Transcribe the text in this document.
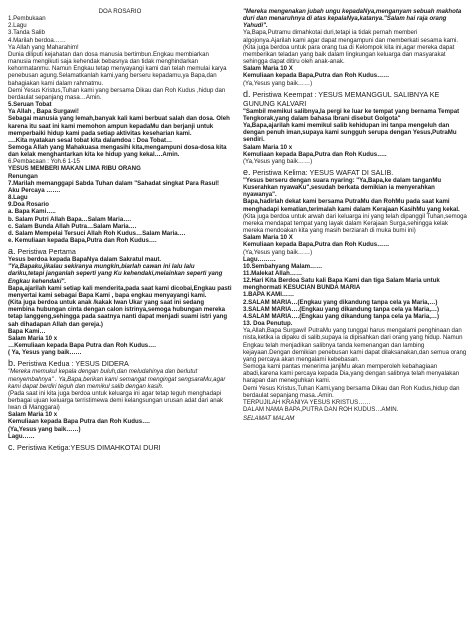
DOA ROSARIO
1.Pembukaan
2.Lagu
3.Tanda Salib
4.Marilah berdoa……
Ya Allah yang Maharahim!
Dunia diliputi kejahatan dan dosa manusia bertimbun.Engkau membiarkan manusia mengikuti saja kehendak bebasnya dan tidak menghindarkan kehormatanmu. Namun Engkau tetap menyayangi kami dan telah memulai karya penebusan agung.Selamatkanlah kami,yang berseru kepadamu,ya Bapa,dan bahagiakan kami dalam rahmatmu.
Demi Yesus Kristus,Tuhan kami yang bersama Dikau dan Roh Kudus ,hidup dan berdaulat sepanjang masa…Amin.
5.Seruan Tobat
Ya Allah , Bapa Surgawi!
Sebagai manusia yang lemah,banyak kali kami berbuat salah dan dosa. Oleh karena itu saat ini kami memohon ampun kepadaMu dan berjanji untuk memperbaiki hidup kami pada setiap aktivitas keseharian kami.
….Kita nyatakan sesal tobat kita dalamdoa : Doa Tobat…
Semoga Allah yang Mahakuasa mengasihi kita,mengampuni dosa-dosa kita dan kelak menghantarkan kita ke hidup yang kekal….Amin.
6.Pembacaan : Yoh.6 1-15
YESUS MEMBERI MAKAN LIMA RIBU ORANG
Renungan
7.Marilah memanggapi Sabda Tuhan dalam "Sahadat singkat Para Rasul!
Aku Percaya …….
8.Lagu
9.Doa Rosario
a. Bapa Kami…..
b. Salam Putri Allah Bapa…Salam Maria….
c. Salam Bunda Allah Putra…Salam Maria….
d. Salam Mempelai Tersuci Allah Roh Kudus…Salam Maria….
e. Kemuliaan kepada Bapa,Putra dan Roh Kudus….
a. Peristiwa Pertama
Yesus berdoa kepada BapaNya dalam Sakratul maut.
"Ya,Bapaku,jikalau sekiranya mungkin,biarlah cawan ini lalu lalu dariku,tetapi janganlah seperti yang Ku kehendaki,melainkan seperti yang Engkau kehendaki".
Bapa,ajarilah kami setiap kali menderita,pada saat kami dicobai,Engkau pasti menyertai kami sebagai Bapa Kami , bapa engkau menyayangi kami.
(Kita juga berdoa untuk anak /kakak Iwan Ukar yang saat ini sedang membina hubungan cinta dengan calon istrinya,semoga hubungan mereka tetap langgeng,sehingga pada saatnya nanti dapat menjadi suami istri yang sah dihadapan Allah dan gereja.)
Bapa Kami…
Salam Maria 10 x
…Kemuliaan kepada Bapa Putra dan Roh Kudus….
( Ya, Yesus yang baik……
b. Peristiwa Kedua : YESUS DIDERA
"Mereka memukul kepala dengan buluh,dan meludahinya dan berlutut menyembahnya" . Ya,Bapa,berikan kami semangat mengingat sengsaraMu,agar kami dapat berdiri teguh dan memikul salib dengan kasih.
(Pada saat ini kita juga berdoa untuk keluarga ini agar tetap teguh menghadapi berbagai ujuan keluarga terristimewa demi kelangsungan urusan adat dari anak Iwan di Manggarai)
Salam Maria 10 x
Kemuliaan kepada Bapa Putra dan Roh Kudus….
(Ya,Yesus yang baik……)
Lagu……
c. Peristiwa Ketiga:YESUS DIMAHKOTAI DURI
"Mereka mengenakan jubah ungu kepadaNya,menganyam sebuah makhota duri dan menaruhnya di atas kepalaNya,katanya."Salam hai raja orang Yahudi".
Ya,Bapa,Putramu dimahkotai duri,tetapi ia tidak pernah memberi algojonya.Ajarilah kami agar dapat mengampuni dan memberkati sesama kami.
(Kita juga berdoa untuk para orang tua di Kelompok kita ini,agar mereka dapat memberikan teladan yang baik dalam lingkungan keluarga dan masyarakat sehingga dapat ditiru oleh anak-anak.
Salam Maria 10 X
Kemuliaan kepada Bapa,Putra dan Roh Kudus……
(Ya,Yesus yang baik……)
d. Peristiwa Keempat : YESUS MEMANGGUL SALIBNYA KE GUNUNG KALVARI
"Sambil memikul salibnya,Ia pergi ke luar ke tempat yang bernama Tempat Tengkorak,yang dalam bahasa Ibrani disebut Golgota"
Ya,Bapa,ajarilah kami memikul salib kehidupan ini tanpa mengeluh dan dengan penuh iman,supaya kami sungguh serupa dengan Yesus,PutraMu sendiri.
Salam Maria 10 x
Kemuliaan kepada Bapa,Putra dan Roh Kudus…..
(Ya,Yesus yang baik……)
e. Peristiwa Kelima: YESUS WAFAT DI SALIB.
"Yesus berseru dengan suara nyaring: "Ya,Bapa,ke dalam tanganMu Kuserahkan nyawaKu",sesudah berkata demikian ia menyerahkan nyawanya".
Bapa,hadirlah dekat kami bersama PutraMu dan RohMu pada saat kami menghadapi kematian,terimalah kami dalam Kerajaan KasihMu yang kekal.
(Kita juga berdoa untuk arwah dari keluarga ini yang telah dipanggil Tuhan,semoga mereka mendapat tempat yang layak dalam Kerajaan Surga,sehingga kelak mereka mendoakan kita yang masih berziarah di muka bumi ini)
Salam Maria 10 X
Kemuliaan kepada Bapa,Putra dan Roh Kudus……
(Ya,Yesus yang baik……)
Lagu………
10.Sembahyang Malam……
11.Malekat Allah……
12.Hari Kita Berdoa Satu kali Bapa Kami dan tiga Salam Maria untuk menghormati KESUCIAN BUNDA MARIA
1.BAPA KAMI……
2.SALAM MARIA…(Engkau yang dikandung tanpa cela ya Maria,…)
3.SALAM MARIA….(Engkau yang dikandung tanpa cela ya Maria,…)
4.SALAM MARIA….(Engkau yang dikandung tanpa cela ya Maria,…)
13. Doa Penutup.
Ya,Allah,Bapa Surgawi! PutraMu yang tunggal harus mengalami penghinaan dan nista,ketika ia dipaku di salib,supaya ia dipisahkan dari orang yang hidup. Namun Engkau telah menjadikan salibnya tanda kemenangan dan lambing kejayaan.Dengan demikian penebusan kami dapat dilaksanakan,dan semua orang yang percaya akan mengalami kebebasan.
Semoga kami pantas menerima janjiMu akan memperoleh kebahagiaan abadi,karena kami percaya kepada Dia,yang dengan salibnya telah menyalakan harapan dan meneguhkan kami.
Demi Yesus Kristus,Tuhan Kami,yang bersama Dikau dan Roh Kudus,hidup dan berdaulat sepanjang masa..Amin.
TERPUJILAH KRANIYA YESUS KRISTUS……
DALAM NAMA BAPA,PUTRA DAN ROH KUDUS…AMIN.
SELAMAT MALAM
